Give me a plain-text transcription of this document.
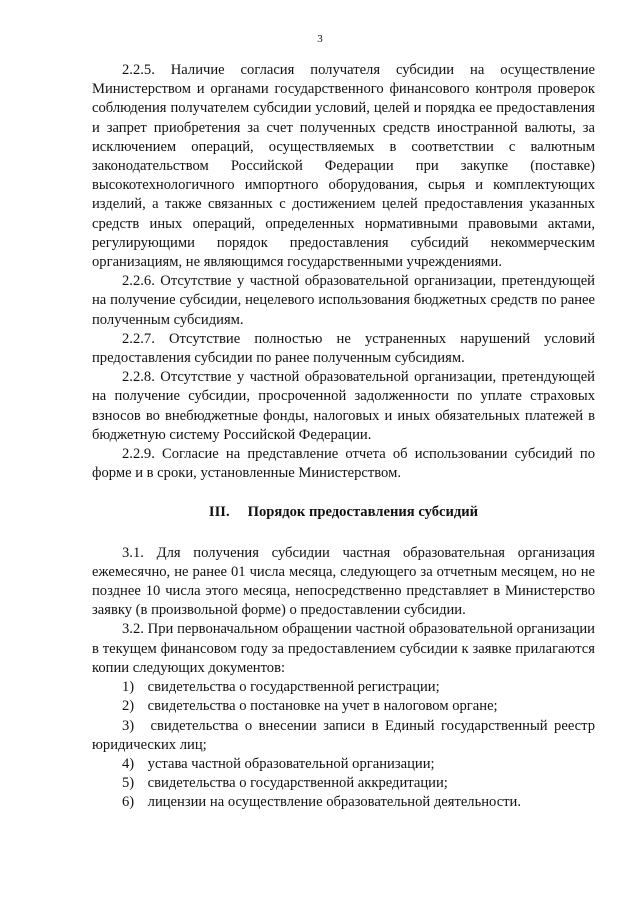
3

2.2.5. Наличие согласия получателя субсидии на осуществление Министерством и органами государственного финансового контроля проверок соблюдения получателем субсидии условий, целей и порядка ее предоставления и запрет приобретения за счет полученных средств иностранной валюты, за исключением операций, осуществляемых в соответствии с валютным законодательством Российской Федерации при закупке (поставке) высокотехнологичного импортного оборудования, сырья и комплектующих изделий, а также связанных с достижением целей предоставления указанных средств иных операций, определенных нормативными правовыми актами, регулирующими порядок предоставления субсидий некоммерческим организациям, не являющимся государственными учреждениями.

2.2.6. Отсутствие у частной образовательной организации, претендующей на получение субсидии, нецелевого использования бюджетных средств по ранее полученным субсидиям.

2.2.7. Отсутствие полностью не устраненных нарушений условий предоставления субсидии по ранее полученным субсидиям.

2.2.8. Отсутствие у частной образовательной организации, претендующей на получение субсидии, просроченной задолженности по уплате страховых взносов во внебюджетные фонды, налоговых и иных обязательных платежей в бюджетную систему Российской Федерации.

2.2.9. Согласие на представление отчета об использовании субсидий по форме и в сроки, установленные Министерством.

III. Порядок предоставления субсидий

3.1. Для получения субсидии частная образовательная организация ежемесячно, не ранее 01 числа месяца, следующего за отчетным месяцем, но не позднее 10 числа этого месяца, непосредственно представляет в Министерство заявку (в произвольной форме) о предоставлении субсидии.

3.2. При первоначальном обращении частной образовательной организации в текущем финансовом году за предоставлением субсидии к заявке прилагаются копии следующих документов:

1) свидетельства о государственной регистрации;

2) свидетельства о постановке на учет в налоговом органе;

3) свидетельства о внесении записи в Единый государственный реестр юридических лиц;

4) устава частной образовательной организации;

5) свидетельства о государственной аккредитации;

6) лицензии на осуществление образовательной деятельности.
